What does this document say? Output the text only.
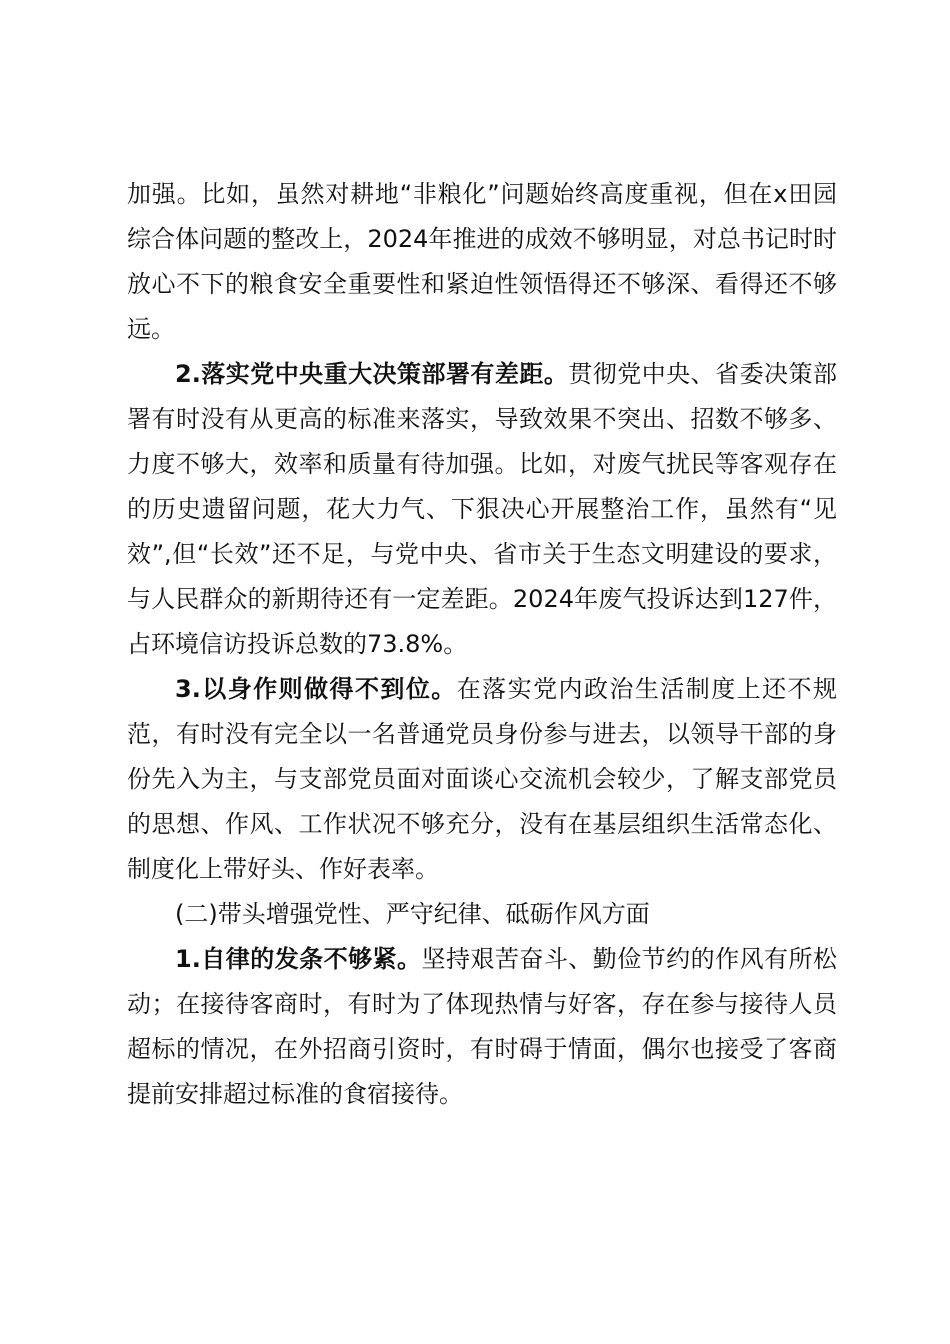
加强。比如，虽然对耕地“非粮化”问题始终高度重视，但在x田园综合体问题的整改上，2024年推进的成效不够明显，对总书记时时放心不下的粮食安全重要性和紧迫性领悟得还不够深、看得还不够远。

2.落实党中央重大决策部署有差距。贯彻党中央、省委决策部署有时没有从更高的标准来落实，导致效果不突出、招数不够多、力度不够大，效率和质量有待加强。比如，对废气扰民等客观存在的历史遗留问题，花大力气、下狠决心开展整治工作，虽然有“见效”,但“长效”还不足，与党中央、省市关于生态文明建设的要求，与人民群众的新期待还有一定差距。2024年废气投诉达到127件，占环境信访投诉总数的73.8%。

3.以身作则做得不到位。在落实党内政治生活制度上还不规范，有时没有完全以一名普通党员身份参与进去，以领导干部的身份先入为主，与支部党员面对面谈心交流机会较少，了解支部党员的思想、作风、工作状况不够充分，没有在基层组织生活常态化、制度化上带好头、作好表率。

(二)带头增强党性、严守纪律、砥砺作风方面

1.自律的发条不够紧。坚持艰苦奋斗、勤俭节约的作风有所松动；在接待客商时，有时为了体现热情与好客，存在参与接待人员超标的情况，在外招商引资时，有时碍于情面，偶尔也接受了客商提前安排超过标准的食宿接待。
